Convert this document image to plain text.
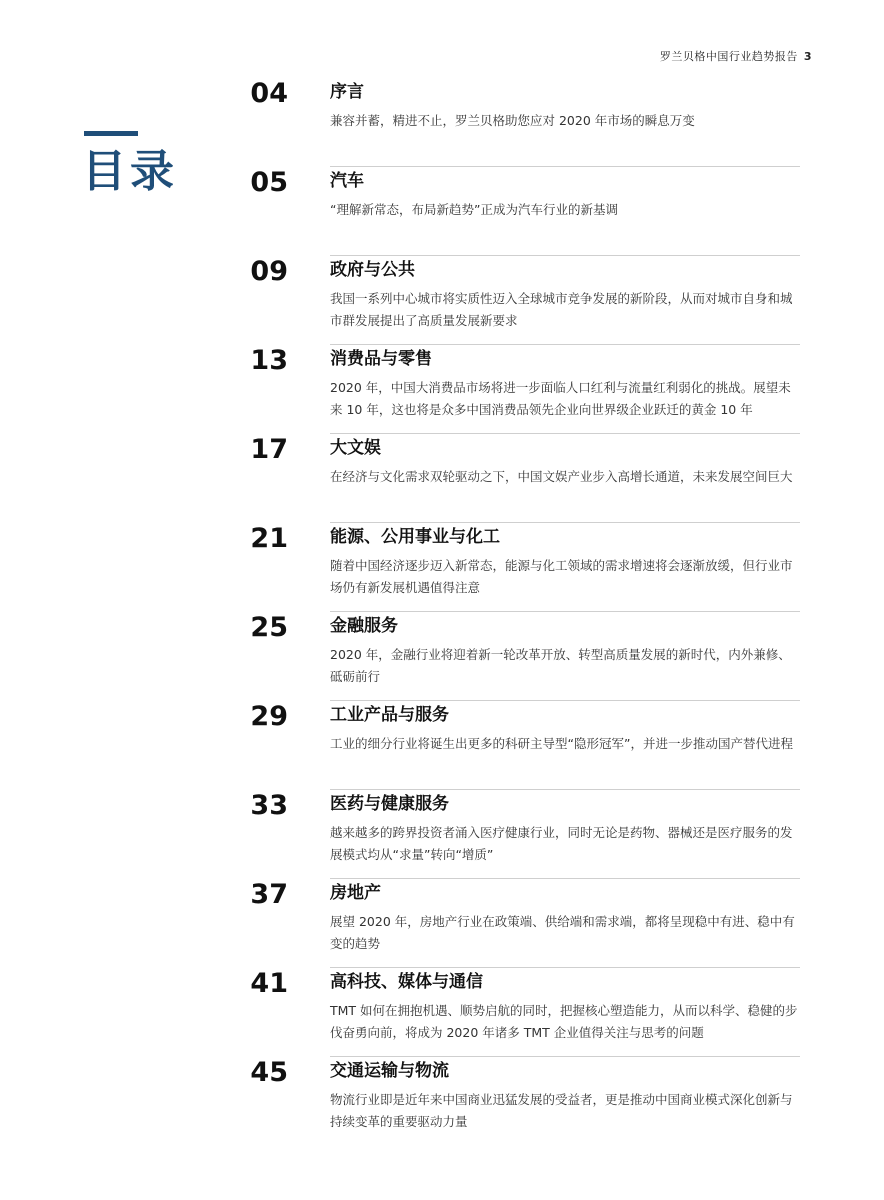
罗兰贝格中国行业趋势报告 3
目录
04 序言
兼容并蓄，精进不止，罗兰贝格助您应对 2020 年市场的瞬息万变
05 汽车
“理解新常态，布局新趋势”正成为汽车行业的新基调
09 政府与公共
我国一系列中心城市将实质性迈入全球城市竞争发展的新阶段，从而对城市自身和城市群发展提出了高质量发展新要求
13 消费品与零售
2020 年，中国大消费品市场将进一步面临人口红利与流量红利弱化的挑战。展望未来 10 年，这也将是众多中国消费品领先企业向世界级企业跃迁的黄金 10 年
17 大文娱
在经济与文化需求双轮驱动之下，中国文娱产业步入高增长通道，未来发展空间巨大
21 能源、公用事业与化工
随着中国经济逐步迈入新常态，能源与化工领域的需求增速将会逐渐放缓，但行业市场仍有新发展机遇值得注意
25 金融服务
2020 年，金融行业将迎着新一轮改革开放、转型高质量发展的新时代，内外兼修、砥砺前行
29 工业产品与服务
工业的细分行业将诞生出更多的科研主导型“隐形冠军”，并进一步推动国产替代进程
33 医药与健康服务
越来越多的跨界投资者涌入医疗健康行业，同时无论是药物、器械还是医疗服务的发展模式均从“求量”转向“增质”
37 房地产
展望 2020 年，房地产行业在政策端、供给端和需求端，都将呈现稳中有进、稳中有变的趋势
41 高科技、媒体与通信
TMT 如何在拥抱机遇、顺势启航的同时，把握核心塑造能力，从而以科学、稳健的步伐奋勇向前，将成为 2020 年诸多 TMT 企业值得关注与思考的问题
45 交通运输与物流
物流行业即是近年来中国商业迅猛发展的受益者，更是推动中国商业模式深化创新与持续变革的重要驱动力量
